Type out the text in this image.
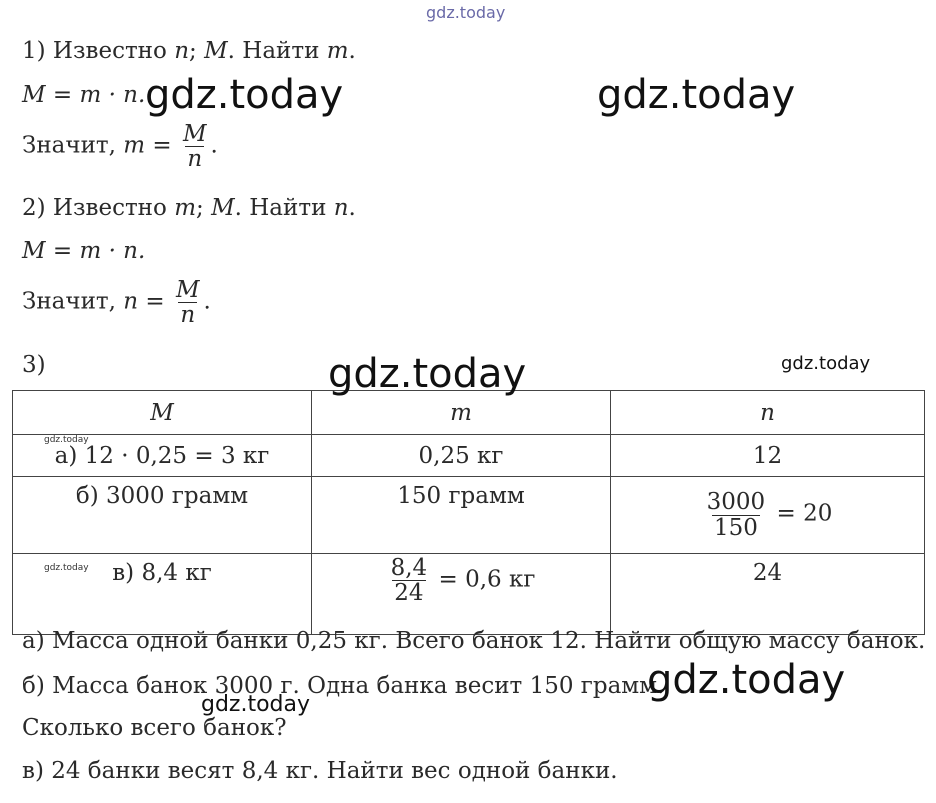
gdz.today
1) Известно n; M. Найти m.
M = m · n.
Значит, $m = \frac{M}{n}$ .
2) Известно m; M. Найти n.
M = m · n.
Значит, $n = \frac{M}{n}$ .
3)
M	m	n
а) 12 · 0,25 = 3 кг	0,25 кг	12
б) 3000 грамм	150 грамм	$\frac{3000}{150} = 20$
в) 8,4 кг	$\frac{8,4}{24} = 0,6$ кг	24
а) Масса одной банки 0,25 кг. Всего банок 12. Найти общую массу банок.
б) Масса банок 3000 г. Одна банка весит 150 грамм.
Сколько всего банок?
в) 24 банки весят 8,4 кг. Найти вес одной банки.
gdz.today	gdz.today
gdz.today	gdz.today
gdz.today
gdz.today
gdz.today
gdz.today
